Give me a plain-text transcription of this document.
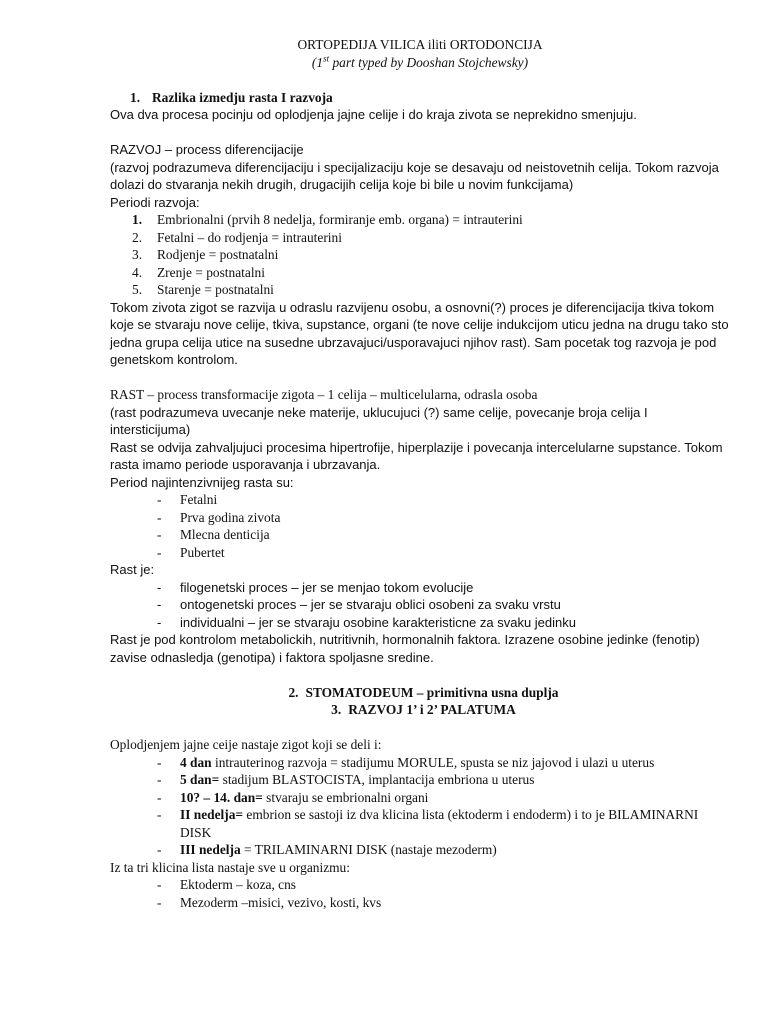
ORTOPEDIJA VILICA iliti ORTODONCIJA

(1st part typed by Dooshan Stojchewsky)

1. Razlika izmedju rasta I razvoja

Ova dva procesa pocinju od oplodjenja jajne celije i do kraja zivota se neprekidno smenjuju.

RAZVOJ – process diferencijacije

(razvoj podrazumeva diferencijaciju i specijalizaciju koje se desavaju od neistovetnih celija. Tokom razvoja dolazi do stvaranja nekih drugih, drugacijih celija koje bi bile u novim funkcijama)

Periodi razvoja:

1. Embrionalni (prvih 8 nedelja, formiranje emb. organa) = intrauterini
2. Fetalni – do rodjenja = intrauterini
3. Rodjenje = postnatalni
4. Zrenje = postnatalni
5. Starenje = postnatalni

Tokom zivota zigot se razvija u odraslu razvijenu osobu, a osnovni(?) proces je diferencijacija tkiva tokom koje se stvaraju nove celije, tkiva, supstance, organi (te nove celije indukcijom uticu jedna na drugu tako sto jedna grupa celija utice na susedne ubrzavajuci/usporavajuci njihov rast). Sam pocetak tog razvoja je pod genetskom kontrolom.

RAST – process transformacije zigota – 1 celija – multicelularna, odrasla osoba

(rast podrazumeva uvecanje neke materije, uklucujuci (?) same celije, povecanje broja celija I intersticijuma)

Rast se odvija zahvaljujuci procesima hipertrofije, hiperplazije i povecanja intercelularne supstance. Tokom rasta imamo periode usporavanja i ubrzavanja.

Period najintenzivnijeg rasta su:

- Fetalni
- Prva godina zivota
- Mlecna denticija
- Pubertet

Rast je:

- filogenetski proces – jer se menjao tokom evolucije
- ontogenetski proces – jer se stvaraju oblici osobeni za svaku vrstu
- individualni – jer se stvaraju osobine karakteristicne za svaku jedinku

Rast je pod kontrolom metabolickih, nutritivnih, hormonalnih faktora. Izrazene osobine jedinke (fenotip) zavise odnasledja (genotipa) i faktora spoljasne sredine.

2. STOMATODEUM – primitivna usna duplja

3. RAZVOJ 1’ i 2’ PALATUMA

Oplodjenjem jajne ceije nastaje zigot koji se deli i:

- 4 dan intrauterinog razvoja = stadijumu MORULE, spusta se niz jajovod i ulazi u uterus
- 5 dan= stadijum BLASTOCISTA, implantacija embriona u uterus
- 10? – 14. dan= stvaraju se embrionalni organi
- II nedelja= embrion se sastoji iz dva klicina lista (ektoderm i endoderm) i to je BILAMINARNI DISK
- III nedelja = TRILAMINARNI DISK (nastaje mezoderm)

Iz ta tri klicina lista nastaje sve u organizmu:

- Ektoderm – koza, cns
- Mezoderm –misici, vezivo, kosti, kvs
